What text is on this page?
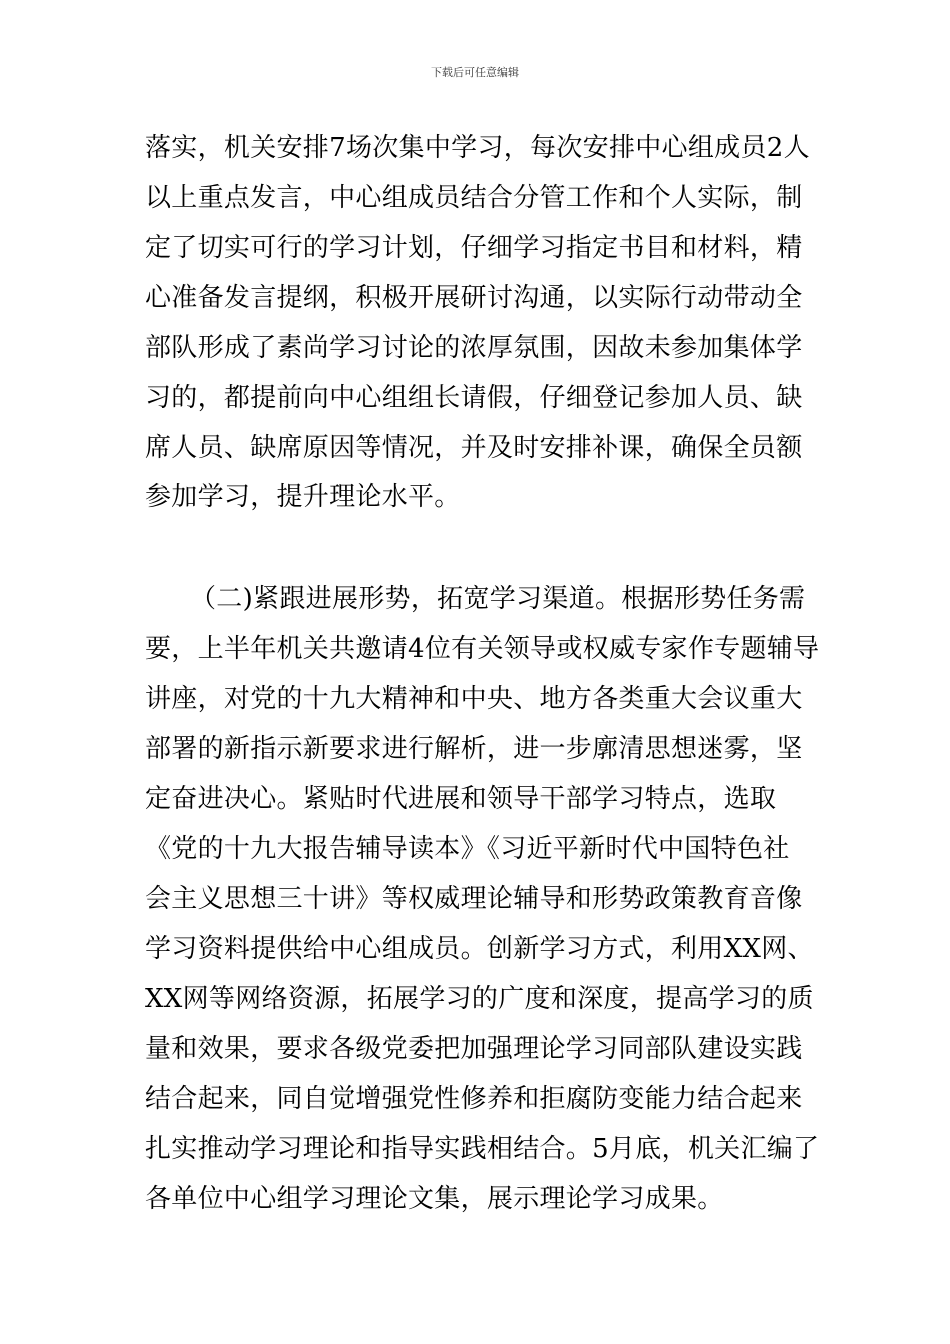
下载后可任意编辑
落实，机关安排7场次集中学习，每次安排中心组成员2人
以上重点发言，中心组成员结合分管工作和个人实际，制
定了切实可行的学习计划，仔细学习指定书目和材料，精
心准备发言提纲，积极开展研讨沟通，以实际行动带动全
部队形成了素尚学习讨论的浓厚氛围，因故未参加集体学
习的，都提前向中心组组长请假，仔细登记参加人员、缺
席人员、缺席原因等情况，并及时安排补课，确保全员额
参加学习，提升理论水平。
（二)紧跟进展形势，拓宽学习渠道。根据形势任务需
要，上半年机关共邀请4位有关领导或权威专家作专题辅导
讲座，对党的十九大精神和中央、地方各类重大会议重大
部署的新指示新要求进行解析，进一步廓清思想迷雾，坚
定奋进决心。紧贴时代进展和领导干部学习特点，选取
《党的十九大报告辅导读本》《习近平新时代中国特色社
会主义思想三十讲》等权威理论辅导和形势政策教育音像
学习资料提供给中心组成员。创新学习方式，利用XX网、
XX网等网络资源，拓展学习的广度和深度，提高学习的质
量和效果，要求各级党委把加强理论学习同部队建设实践
结合起来，同自觉增强党性修养和拒腐防变能力结合起来
扎实推动学习理论和指导实践相结合。5月底，机关汇编了
各单位中心组学习理论文集，展示理论学习成果。
